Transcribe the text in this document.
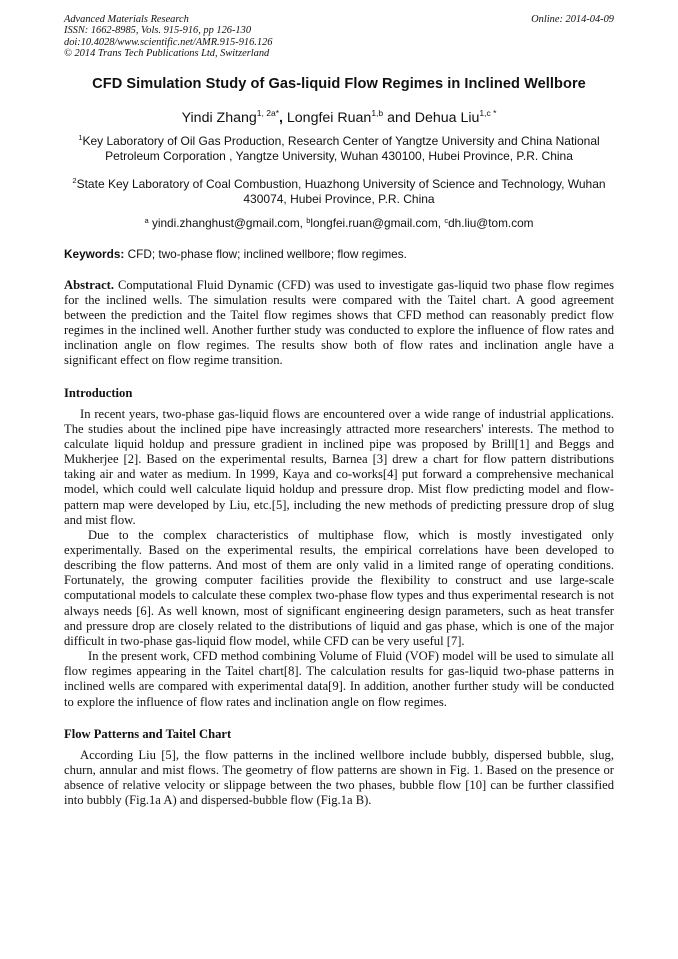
Advanced Materials Research
ISSN: 1662-8985, Vols. 915-916, pp 126-130
doi:10.4028/www.scientific.net/AMR.915-916.126
© 2014 Trans Tech Publications Ltd, Switzerland
Online: 2014-04-09
CFD Simulation Study of Gas-liquid Flow Regimes in Inclined Wellbore
Yindi Zhang$^{1, 2a*}$, Longfei Ruan$^{1,b}$ and Dehua Liu$^{1,c *}$
$^1$Key Laboratory of Oil Gas Production, Research Center of Yangtze University and China National Petroleum Corporation , Yangtze University, Wuhan 430100, Hubei Province, P.R. China
$^2$State Key Laboratory of Coal Combustion, Huazhong University of Science and Technology, Wuhan 430074, Hubei Province, P.R. China
$^a$ yindi.zhanghust@gmail.com, $^b$longfei.ruan@gmail.com, $^c$dh.liu@tom.com
Keywords: CFD; two-phase flow; inclined wellbore; flow regimes.
Abstract. Computational Fluid Dynamic (CFD) was used to investigate gas-liquid two phase flow regimes for the inclined wells. The simulation results were compared with the Taitel chart. A good agreement between the prediction and the Taitel flow regimes shows that CFD method can reasonably predict flow regimes in the inclined well. Another further study was conducted to explore the influence of flow rates and inclination angle on flow regimes. The results show both of flow rates and inclination angle have a significant effect on flow regime transition.
Introduction
In recent years, two-phase gas-liquid flows are encountered over a wide range of industrial applications. The studies about the inclined pipe have increasingly attracted more researchers' interests. The method to calculate liquid holdup and pressure gradient in inclined pipe was proposed by Brill[1] and Beggs and Mukherjee [2]. Based on the experimental results, Barnea [3] drew a chart for flow pattern distributions taking air and water as medium. In 1999, Kaya and co-works[4] put forward a comprehensive mechanical model, which could well calculate liquid holdup and pressure drop. Mist flow predicting model and flow-pattern map were developed by Liu, etc.[5], including the new methods of predicting pressure drop of slug and mist flow.
Due to the complex characteristics of multiphase flow, which is mostly investigated only experimentally. Based on the experimental results, the empirical correlations have been developed to describing the flow patterns. And most of them are only valid in a limited range of operating conditions. Fortunately, the growing computer facilities provide the flexibility to construct and use large-scale computational models to calculate these complex two-phase flow types and thus experimental research is not always needs [6]. As well known, most of significant engineering design parameters, such as heat transfer and pressure drop are closely related to the distributions of liquid and gas phase, which is one of the major difficult in two-phase gas-liquid flow model, while CFD can be very useful [7].
In the present work, CFD method combining Volume of Fluid (VOF) model will be used to simulate all flow regimes appearing in the Taitel chart[8]. The calculation results for gas-liquid two-phase patterns in inclined wells are compared with experimental data[9]. In addition, another further study will be conducted to explore the influence of flow rates and inclination angle on flow regimes.
Flow Patterns and Taitel Chart
According Liu [5], the flow patterns in the inclined wellbore include bubbly, dispersed bubble, slug, churn, annular and mist flows. The geometry of flow patterns are shown in Fig. 1. Based on the presence or absence of relative velocity or slippage between the two phases, bubble flow [10] can be further classified into bubbly (Fig.1a A) and dispersed-bubble flow (Fig.1a B).
